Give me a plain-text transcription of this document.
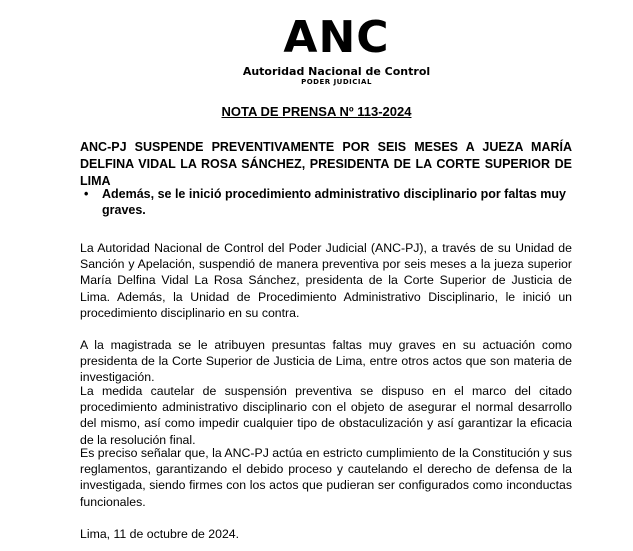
ANC
Autoridad Nacional de Control
PODER JUDICIAL
NOTA DE PRENSA Nº 113-2024
ANC-PJ SUSPENDE PREVENTIVAMENTE POR SEIS MESES A JUEZA MARÍA DELFINA VIDAL LA ROSA SÁNCHEZ, PRESIDENTA DE LA CORTE SUPERIOR DE LIMA
• Además, se le inició procedimiento administrativo disciplinario por faltas muy graves.

La Autoridad Nacional de Control del Poder Judicial (ANC-PJ), a través de su Unidad de Sanción y Apelación, suspendió de manera preventiva por seis meses a la jueza superior María Delfina Vidal La Rosa Sánchez, presidenta de la Corte Superior de Justicia de Lima. Además, la Unidad de Procedimiento Administrativo Disciplinario, le inició un procedimiento disciplinario en su contra.

A la magistrada se le atribuyen presuntas faltas muy graves en su actuación como presidenta de la Corte Superior de Justicia de Lima, entre otros actos que son materia de investigación.

La medida cautelar de suspensión preventiva se dispuso en el marco del citado procedimiento administrativo disciplinario con el objeto de asegurar el normal desarrollo del mismo, así como impedir cualquier tipo de obstaculización y así garantizar la eficacia de la resolución final.

Es preciso señalar que, la ANC-PJ actúa en estricto cumplimiento de la Constitución y sus reglamentos, garantizando el debido proceso y cautelando el derecho de defensa de la investigada, siendo firmes con los actos que pudieran ser configurados como inconductas funcionales.

Lima, 11 de octubre de 2024.
